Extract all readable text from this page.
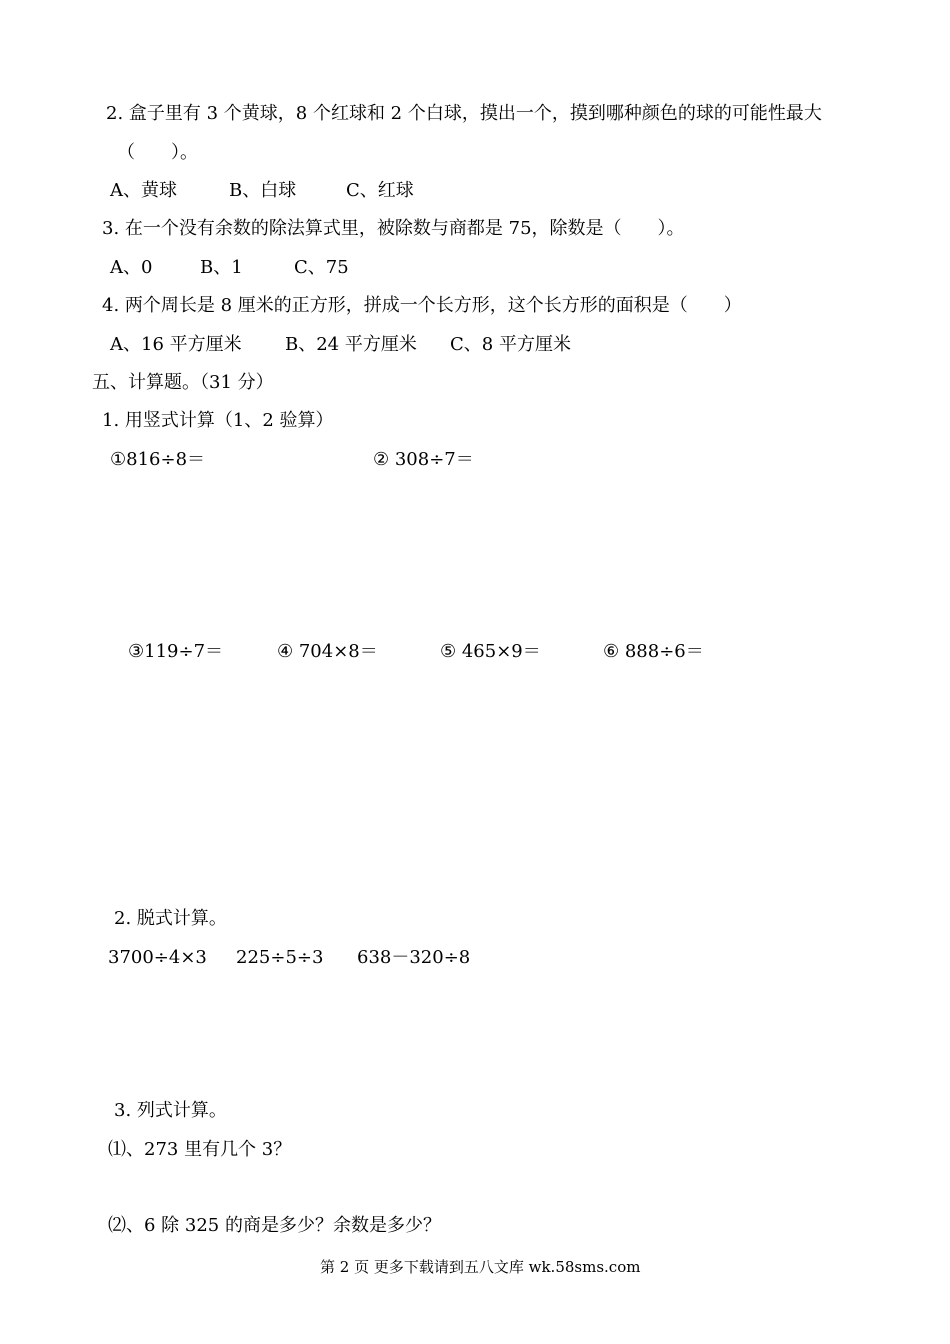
2. 盒子里有 3 个黄球，8 个红球和 2 个白球，摸出一个，摸到哪种颜色的球的可能性最大
（　　）。
A、黄球	B、白球	C、红球
3. 在一个没有余数的除法算式里，被除数与商都是 75，除数是（　　）。
A、0	B、1	C、75
4. 两个周长是 8 厘米的正方形，拼成一个长方形，这个长方形的面积是（　　）
A、16 平方厘米 B、24 平方厘米 C、8 平方厘米
五、计算题。（31 分）
1. 用竖式计算（1、2 验算）
①816÷8＝	② 308÷7＝
③119÷7＝	④ 704×8＝	⑤ 465×9＝	⑥ 888÷6＝
2. 脱式计算。
3700÷4×3 225÷5÷3 638－320÷8
3. 列式计算。
⑴、273 里有几个 3？
⑵、6 除 325 的商是多少？余数是多少？
第 2 页 更多下载请到五八文库 wk.58sms.com
